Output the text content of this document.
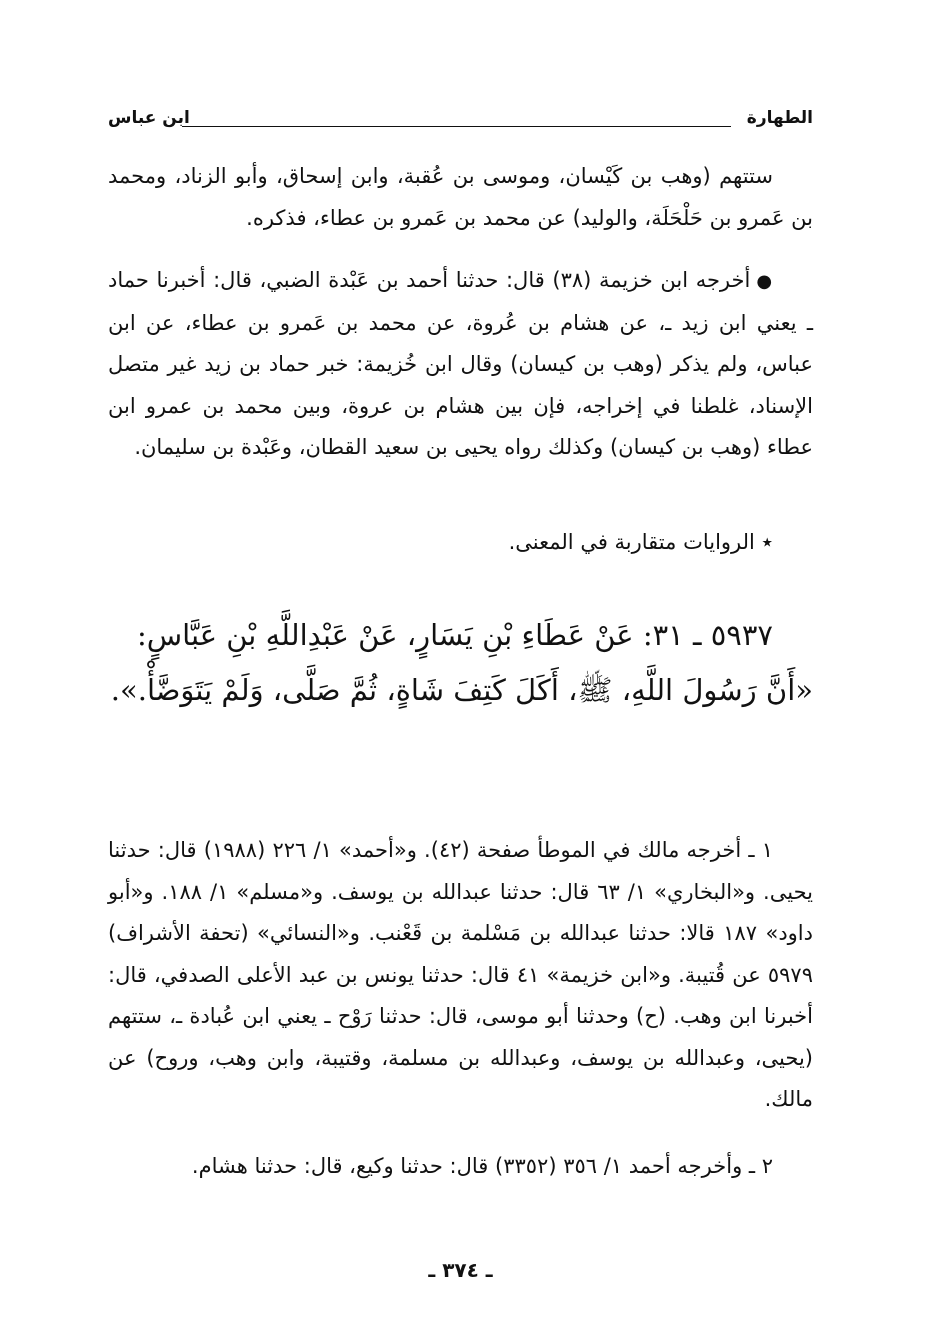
الطهارة
ابن عباس

ستتهم (وهب بن كَيْسان، وموسى بن عُقبة، وابن إسحاق، وأبو الزناد، ومحمد بن عَمرو بن حَلْحَلَة، والوليد) عن محمد بن عَمرو بن عطاء، فذكره.

●أخرجه ابن خزيمة (٣٨) قال: حدثنا أحمد بن عَبْدة الضبي، قال: أخبرنا حماد ـ يعني ابن زيد ـ، عن هشام بن عُروة، عن محمد بن عَمرو بن عطاء، عن ابن عباس، ولم يذكر (وهب بن كيسان) وقال ابن خُزيمة: خبر حماد بن زيد غير متصل الإسناد، غلطنا في إخراجه، فإن بين هشام بن عروة، وبين محمد بن عمرو ابن عطاء (وهب بن كيسان) وكذلك رواه يحيى بن سعيد القطان، وعَبْدة بن سليمان.

٭ الروايات متقاربة في المعنى.

٥٩٣٧ ـ ٣١: عَنْ عَطَاءِ بْنِ يَسَارٍ، عَنْ عَبْدِاللَّهِ بْنِ عَبَّاسٍ:

«أَنَّ رَسُولَ اللَّهِ، ﷺ، أَكَلَ كَتِفَ شَاةٍ، ثُمَّ صَلَّى، وَلَمْ يَتَوَضَّأْ.».

١ ـ أخرجه مالك في الموطأ صفحة (٤٢). و«أحمد» ١/ ٢٢٦ (١٩٨٨) قال: حدثنا يحيى. و«البخاري» ١/ ٦٣ قال: حدثنا عبدالله بن يوسف. و«مسلم» ١/ ١٨٨. و«أبو داود» ١٨٧ قالا: حدثنا عبدالله بن مَسْلمة بن قَعْنب. و«النسائي» (تحفة الأشراف) ٥٩٧٩ عن قُتيبة. و«ابن خزيمة» ٤١ قال: حدثنا يونس بن عبد الأعلى الصدفي، قال: أخبرنا ابن وهب. (ح) وحدثنا أبو موسى، قال: حدثنا رَوْح ـ يعني ابن عُبادة ـ، ستتهم (يحيى، وعبدالله بن يوسف، وعبدالله بن مسلمة، وقتيبة، وابن وهب، وروح) عن مالك.

٢ ـ وأخرجه أحمد ١/ ٣٥٦ (٣٣٥٢) قال: حدثنا وكيع، قال: حدثنا هشام.

ـ ٣٧٤ ـ
